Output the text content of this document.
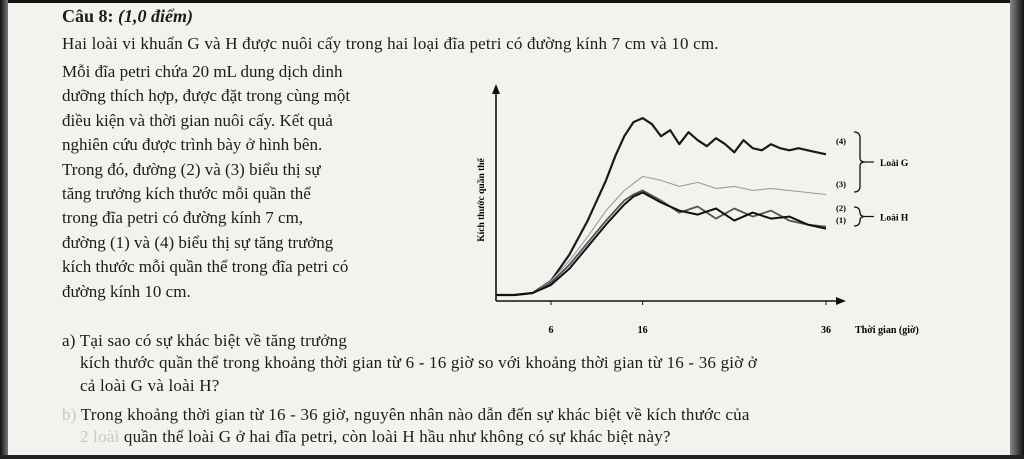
Câu 8: (1,0 điểm)
Hai loài vi khuẩn G và H được nuôi cấy trong hai loại đĩa petri có đường kính 7 cm và 10 cm.
Mỗi đĩa petri chứa 20 mL dung dịch dinh
dưỡng thích hợp, được đặt trong cùng một
điều kiện và thời gian nuôi cấy. Kết quả
nghiên cứu được trình bày ở hình bên.
Trong đó, đường (2) và (3) biểu thị sự
tăng trưởng kích thước mỗi quần thể
trong đĩa petri có đường kính 7 cm,
đường (1) và (4) biểu thị sự tăng trưởng
kích thước mỗi quần thể trong đĩa petri có
đường kính 10 cm.
a) Tại sao có sự khác biệt về tăng trưởng
kích thước quần thể trong khoảng thời gian từ 6 - 16 giờ so với khoảng thời gian từ 16 - 36 giờ ở
cả loài G và loài H?
b) Trong khoảng thời gian từ 16 - 36 giờ, nguyên nhân nào dẫn đến sự khác biệt về kích thước của
2 loài quần thể loài G ở hai đĩa petri, còn loài H hầu như không có sự khác biệt này?
Kích thước quần thể
Thời gian (giờ)
6	16	36
(4)
(3)
(2)
(1)
Loài G
Loài H
